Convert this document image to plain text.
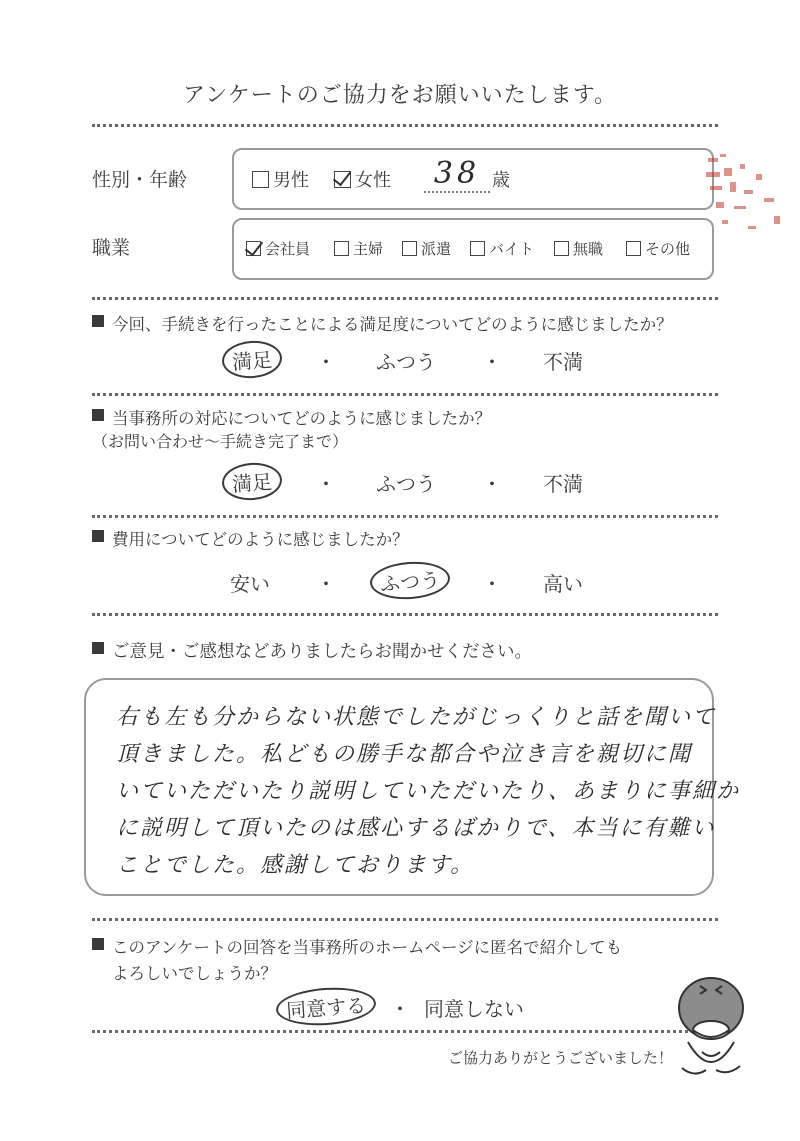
アンケートのご協力をお願いいたします。
性別・年齢	男性	女性	38 歳
職業	会社員	主婦	派遣	バイト	無職	その他
今回、手続きを行ったことによる満足度についてどのように感じましたか？
満足	・ ふつう ・ 不満
当事務所の対応についてどのように感じましたか？
（お問い合わせ～手続き完了まで）
満足	・ ふつう ・ 不満
費用についてどのように感じましたか？
安い ・	ふつう	・ 高い
ご意見・ご感想などありましたらお聞かせください。
右も左も分からない状態でしたがじっくりと話を聞いて
頂きました。私どもの勝手な都合や泣き言を親切に聞
いていただいたり説明していただいたり、あまりに事細か
に説明して頂いたのは感心するばかりで、本当に有難い
ことでした。感謝しております。
このアンケートの回答を当事務所のホームページに匿名で紹介しても
よろしいでしょうか？
同意する	・ 同意しない
ご協力ありがとうございました！
